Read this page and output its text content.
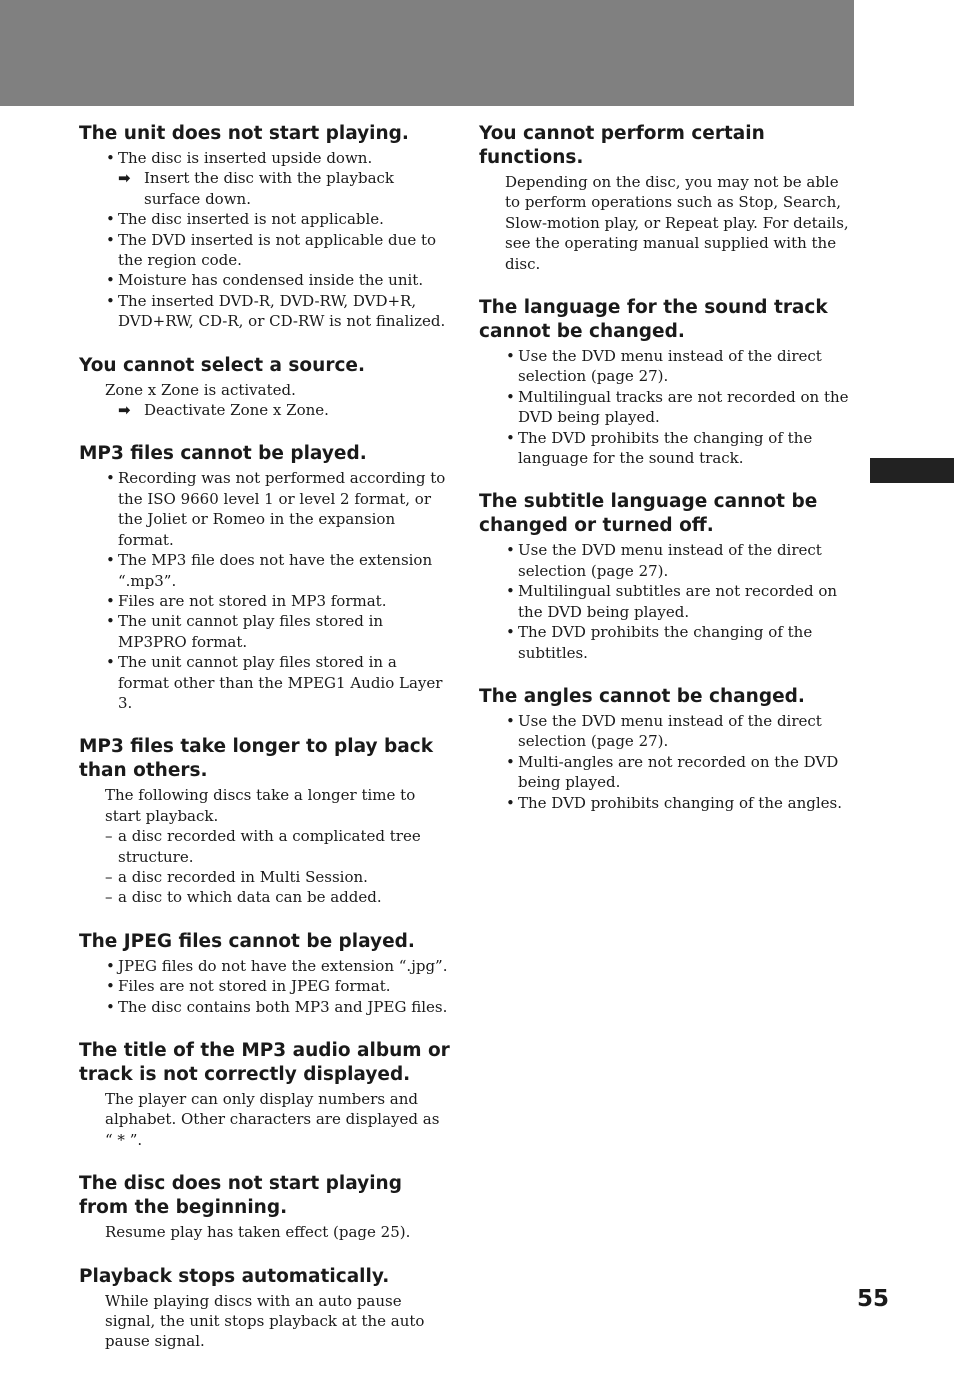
The unit does not start playing.
• The disc is inserted upside down.
➡ Insert the disc with the playback surface down.
• The disc inserted is not applicable.
• The DVD inserted is not applicable due to the region code.
• Moisture has condensed inside the unit.
• The inserted DVD-R, DVD-RW, DVD+R, DVD+RW, CD-R, or CD-RW is not finalized.
You cannot select a source.

Zone x Zone is activated.

➡ Deactivate Zone x Zone.
MP3 files cannot be played.
• Recording was not performed according to the ISO 9660 level 1 or level 2 format, or the Joliet or Romeo in the expansion format.
• The MP3 file does not have the extension “.mp3”.
• Files are not stored in MP3 format.
• The unit cannot play files stored in MP3PRO format.
• The unit cannot play files stored in a format other than the MPEG1 Audio Layer 3.
MP3 files take longer to play back than others.

The following discs take a longer time to start playback.

– a disc recorded with a complicated tree structure.
– a disc recorded in Multi Session.
– a disc to which data can be added.
The JPEG files cannot be played.
• JPEG files do not have the extension “.jpg”.
• Files are not stored in JPEG format.
• The disc contains both MP3 and JPEG files.
The title of the MP3 audio album or track is not correctly displayed.

The player can only display numbers and alphabet. Other characters are displayed as “ * ”.

The disc does not start playing from the beginning.

Resume play has taken effect (page 25).

Playback stops automatically.

While playing discs with an auto pause signal, the unit stops playback at the auto pause signal.

You cannot perform certain functions.

Depending on the disc, you may not be able to perform operations such as Stop, Search, Slow-motion play, or Repeat play. For details, see the operating manual supplied with the disc.

The language for the sound track cannot be changed.
• Use the DVD menu instead of the direct selection (page 27).
• Multilingual tracks are not recorded on the DVD being played.
• The DVD prohibits the changing of the language for the sound track.
The subtitle language cannot be changed or turned off.
• Use the DVD menu instead of the direct selection (page 27).
• Multilingual subtitles are not recorded on the DVD being played.
• The DVD prohibits the changing of the subtitles.
The angles cannot be changed.
• Use the DVD menu instead of the direct selection (page 27).
• Multi-angles are not recorded on the DVD being played.
• The DVD prohibits changing of the angles.
55
